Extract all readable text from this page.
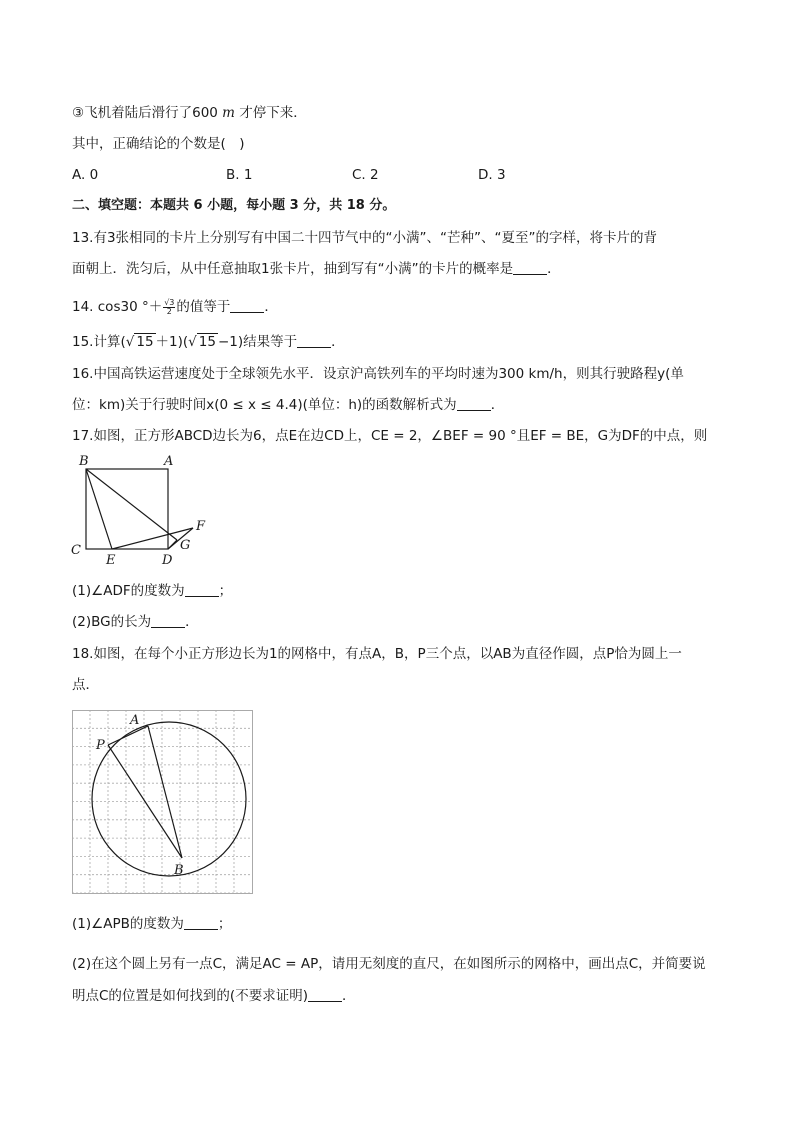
③飞机着陆后滑行了600 m 才停下来．
其中，正确结论的个数是(　)
A. 0	B. 1	C. 2	D. 3
二、填空题：本题共 6 小题，每小题 3 分，共 18 分。
13.有3张相同的卡片上分别写有中国二十四节气中的“小满”、“芒种”、“夏至”的字样，将卡片的背
面朝上．洗匀后，从中任意抽取1张卡片，抽到写有“小满”的卡片的概率是	．
14. cos30 °＋ $\frac{√3}{2}$ 的值等于	．
15.计算(√ 15 ＋1)(√ 15 −1)结果等于	．
16.中国高铁运营速度处于全球领先水平．设京沪高铁列车的平均时速为300 km/h，则其行驶路程y(单
位：km)关于行驶时间x(0 ≤ x ≤ 4.4)(单位：h)的函数解析式为	．
17.如图，正方形ABCD边长为6，点E在边CD上，CE = 2，∠BEF = 90 °且EF = BE，G为DF的中点，则
B	A
C
E	D
F
G
(1)∠ADF的度数为	；
(2)BG的长为	．
18.如图，在每个小正方形边长为1的网格中，有点A，B，P三个点，以AB为直径作圆，点P恰为圆上一
点．
A
P
B
(1)∠APB的度数为	；
(2)在这个圆上另有一点C，满足AC = AP，请用无刻度的直尺，在如图所示的网格中，画出点C，并简要说
明点C的位置是如何找到的(不要求证明)	．
